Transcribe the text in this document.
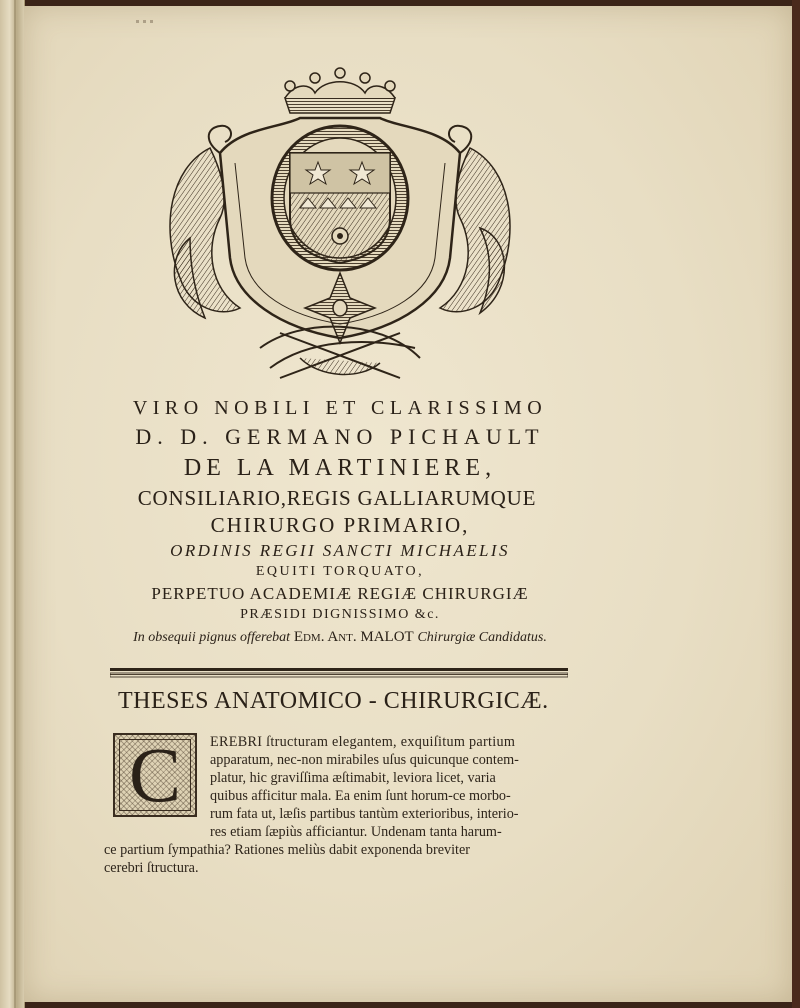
VIRO NOBILI ET CLARISSIMO
D. D. GERMANO PICHAULT
DE LA MARTINIERE,
CONSILIARIO,REGIS GALLIARUMQUE
CHIRURGO PRIMARIO,
ORDINIS REGII SANCTI MICHAELIS
EQUITI TORQUATO,
PERPETUO ACADEMIÆ REGIÆ CHIRURGIÆ
PRÆSIDI DIGNISSIMO &c.
In obsequii pignus offerebat Edm. Ant. MALOT Chirurgiæ Candidatus.
THESES ANATOMICO - CHIRURGICÆ.
C	EREBRI ſtructuram elegantem, exquiſitum partium
apparatum, nec-non mirabiles uſus quicunque contem-
platur, hic graviſſima æſtimabit, leviora licet, varia
quibus afficitur mala. Ea enim ſunt horum-ce morbo-
rum fata ut, læſis partibus tantùm exterioribus, interio-
res etiam ſæpiùs afficiantur. Undenam tanta harum-
ce partium ſympathia? Rationes meliùs dabit exponenda breviter
cerebri ſtructura.
